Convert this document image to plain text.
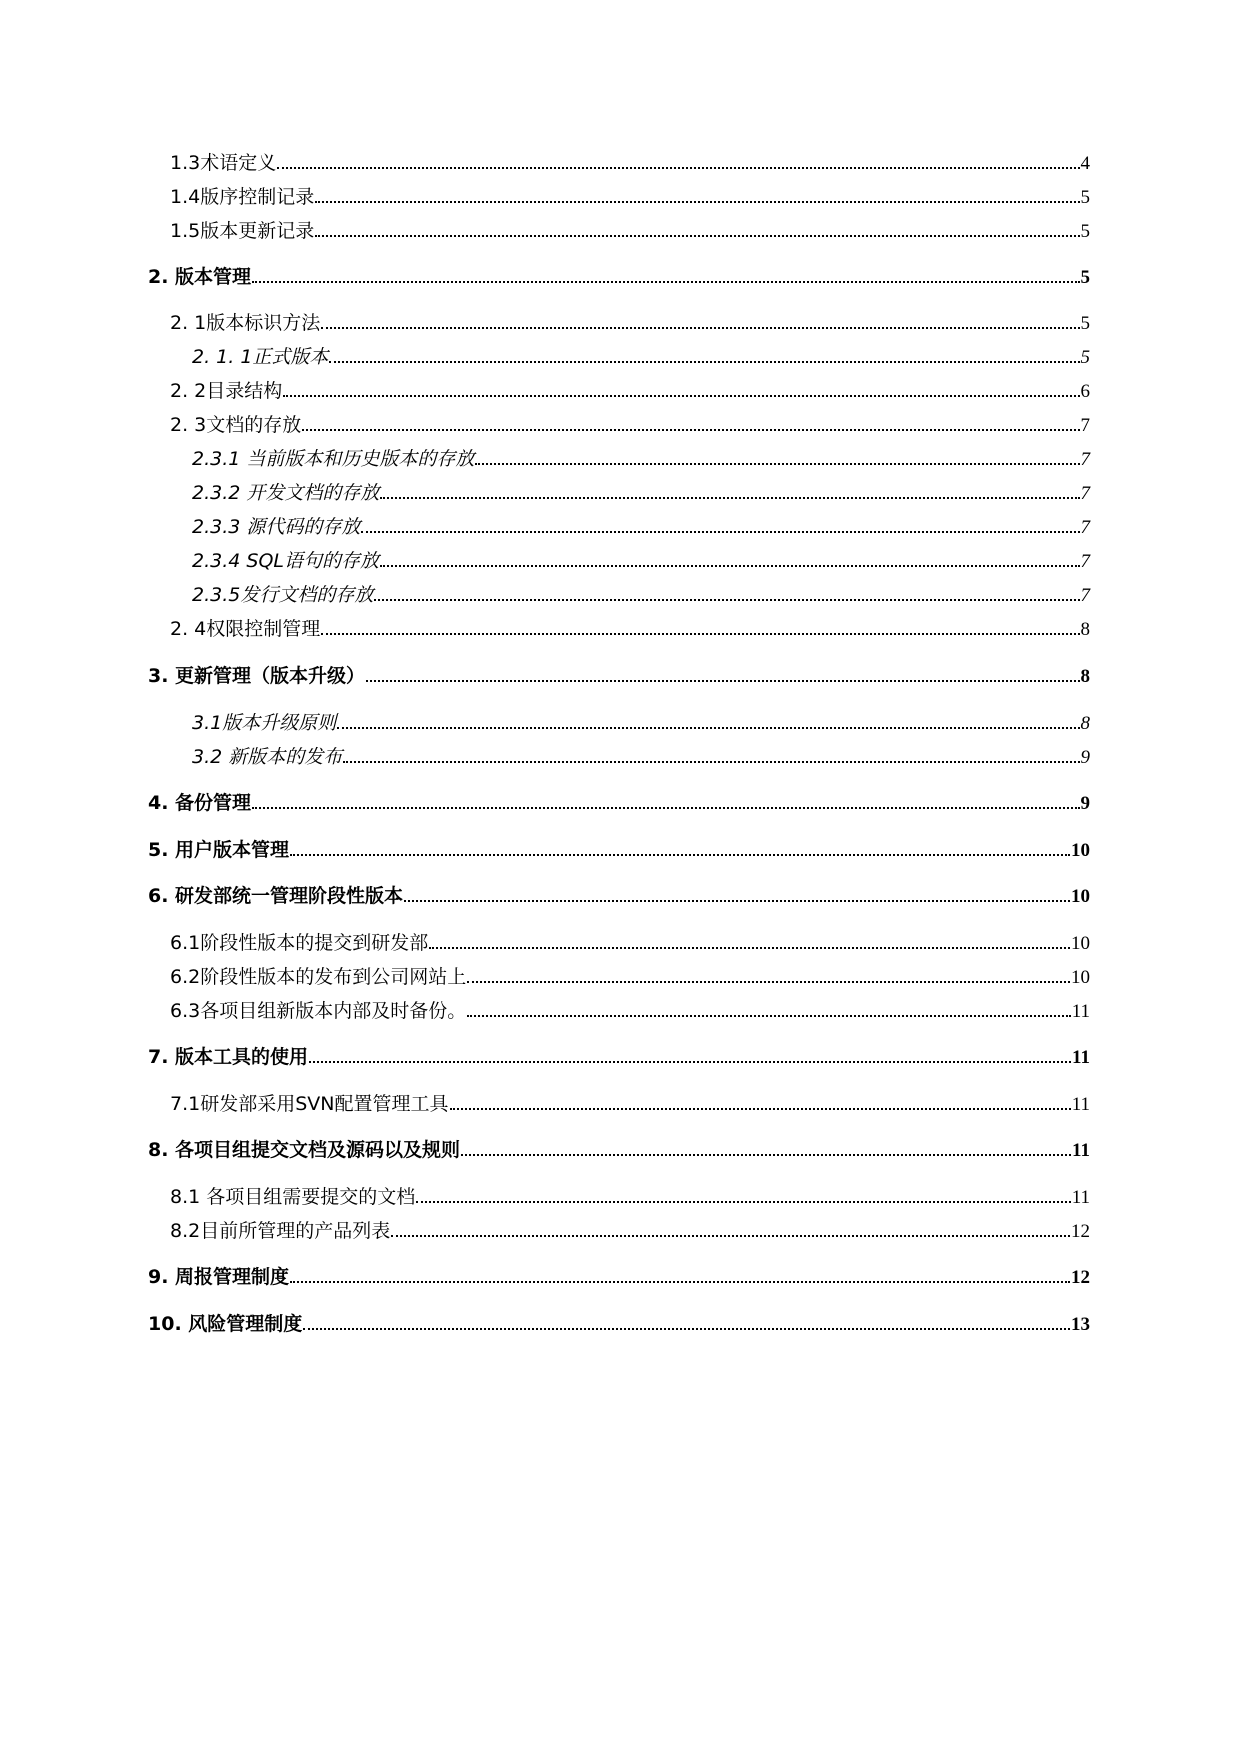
1.3术语定义	4
1.4版序控制记录	5
1.5版本更新记录	5
2. 版本管理	5
2. 1版本标识方法	5
2. 1. 1正式版本	5
2. 2目录结构	6
2. 3文档的存放	7
2.3.1 当前版本和历史版本的存放	7
2.3.2 开发文档的存放	7
2.3.3 源代码的存放	7
2.3.4 SQL语句的存放	7
2.3.5发行文档的存放	7
2. 4权限控制管理	8
3. 更新管理（版本升级）	8
3.1版本升级原则	8
3.2 新版本的发布	9
4. 备份管理	9
5. 用户版本管理	10
6. 研发部统一管理阶段性版本	10
6.1阶段性版本的提交到研发部	10
6.2阶段性版本的发布到公司网站上	10
6.3各项目组新版本内部及时备份。	11
7. 版本工具的使用	11
7.1研发部采用SVN配置管理工具	11
8. 各项目组提交文档及源码以及规则	11
8.1 各项目组需要提交的文档	11
8.2目前所管理的产品列表	12
9. 周报管理制度	12
10. 风险管理制度	13
